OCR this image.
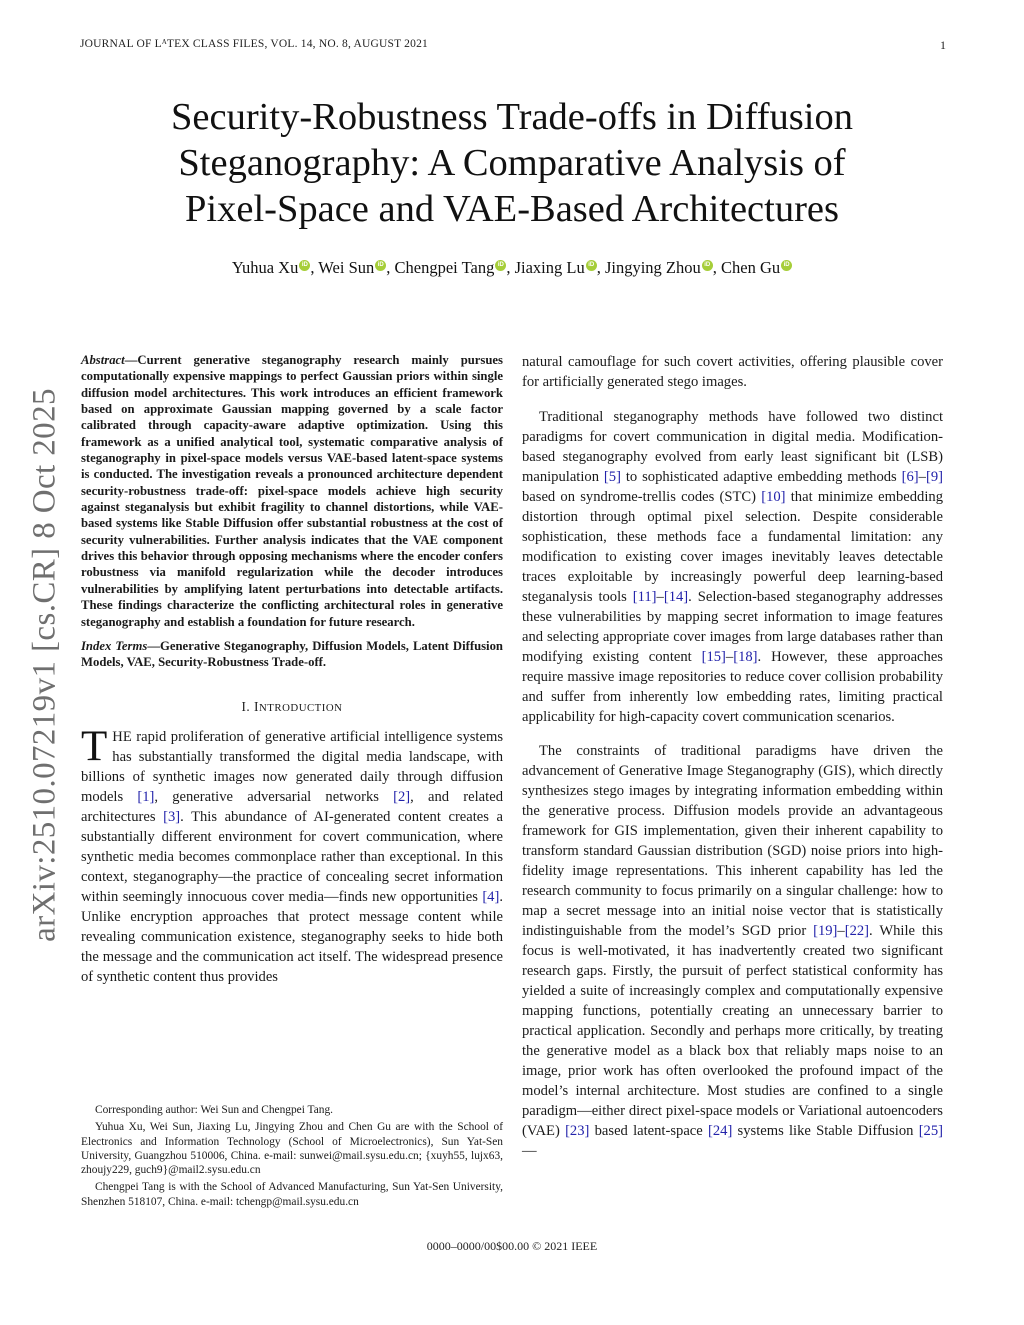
JOURNAL OF LᴬTEX CLASS FILES, VOL. 14, NO. 8, AUGUST 2021	1
arXiv:2510.07219v1 [cs.CR] 8 Oct 2025
Security-Robustness Trade-offs in Diffusion
Steganography: A Comparative Analysis of
Pixel-Space and VAE-Based Architectures
Yuhua Xu iD , Wei Sun iD , Chengpei Tang iD , Jiaxing Lu iD , Jingying Zhou iD , Chen Gu iD

Abstract—Current generative steganography research mainly pursues computationally expensive mappings to perfect Gaussian priors within single diffusion model architectures. This work introduces an efficient framework based on approximate Gaussian mapping governed by a scale factor calibrated through capacity-aware adaptive optimization. Using this framework as a unified analytical tool, systematic comparative analysis of steganography in pixel-space models versus VAE-based latent-space systems is conducted. The investigation reveals a pronounced architecture dependent security-robustness trade-off: pixel-space models achieve high security against steganalysis but exhibit fragility to channel distortions, while VAE-based systems like Stable Diffusion offer substantial robustness at the cost of security vulnerabilities. Further analysis indicates that the VAE component drives this behavior through opposing mechanisms where the encoder confers robustness via manifold regularization while the decoder introduces vulnerabilities by amplifying latent perturbations into detectable artifacts. These findings characterize the conflicting architectural roles in generative steganography and establish a foundation for future research.

Index Terms—Generative Steganography, Diffusion Models, Latent Diffusion Models, VAE, Security-Robustness Trade-off.

I. INTRODUCTION
THE rapid proliferation of generative artificial intelligence systems has substantially transformed the digital media landscape, with billions of synthetic images now generated daily through diffusion models [1], generative adversarial networks [2], and related architectures [3]. This abundance of AI-generated content creates a substantially different environment for covert communication, where synthetic media becomes commonplace rather than exceptional. In this context, steganography—the practice of concealing secret information within seemingly innocuous cover media—finds new opportunities [4]. Unlike encryption approaches that protect message content while revealing communication existence, steganography seeks to hide both the message and the communication act itself. The widespread presence of synthetic content thus provides

Corresponding author: Wei Sun and Chengpei Tang.

Yuhua Xu, Wei Sun, Jiaxing Lu, Jingying Zhou and Chen Gu are with the School of Electronics and Information Technology (School of Microelectronics), Sun Yat-Sen University, Guangzhou 510006, China. e-mail: sunwei@mail.sysu.edu.cn; {xuyh55, lujx63, zhoujy229, guch9}@mail2.sysu.edu.cn

Chengpei Tang is with the School of Advanced Manufacturing, Sun Yat-Sen University, Shenzhen 518107, China. e-mail: tchengp@mail.sysu.edu.cn

natural camouflage for such covert activities, offering plausible cover for artificially generated stego images.

Traditional steganography methods have followed two distinct paradigms for covert communication in digital media. Modification-based steganography evolved from early least significant bit (LSB) manipulation [5] to sophisticated adaptive embedding methods [6]–[9] based on syndrome-trellis codes (STC) [10] that minimize embedding distortion through optimal pixel selection. Despite considerable sophistication, these methods face a fundamental limitation: any modification to existing cover images inevitably leaves detectable traces exploitable by increasingly powerful deep learning-based steganalysis tools [11]–[14]. Selection-based steganography addresses these vulnerabilities by mapping secret information to image features and selecting appropriate cover images from large databases rather than modifying existing content [15]–[18]. However, these approaches require massive image repositories to reduce cover collision probability and suffer from inherently low embedding rates, limiting practical applicability for high-capacity covert communication scenarios.

The constraints of traditional paradigms have driven the advancement of Generative Image Steganography (GIS), which directly synthesizes stego images by integrating information embedding within the generative process. Diffusion models provide an advantageous framework for GIS implementation, given their inherent capability to transform standard Gaussian distribution (SGD) noise priors into high-fidelity image representations. This inherent capability has led the research community to focus primarily on a singular challenge: how to map a secret message into an initial noise vector that is statistically indistinguishable from the model’s SGD prior [19]–[22]. While this focus is well-motivated, it has inadvertently created two significant research gaps. Firstly, the pursuit of perfect statistical conformity has yielded a suite of increasingly complex and computationally expensive mapping functions, potentially creating an unnecessary barrier to practical application. Secondly and perhaps more critically, by treating the generative model as a black box that reliably maps noise to an image, prior work has often overlooked the profound impact of the model’s internal architecture. Most studies are confined to a single paradigm—either direct pixel-space models or Variational autoencoders (VAE) [23] based latent-space [24] systems like Stable Diffusion [25]—

0000–0000/00$00.00 © 2021 IEEE
